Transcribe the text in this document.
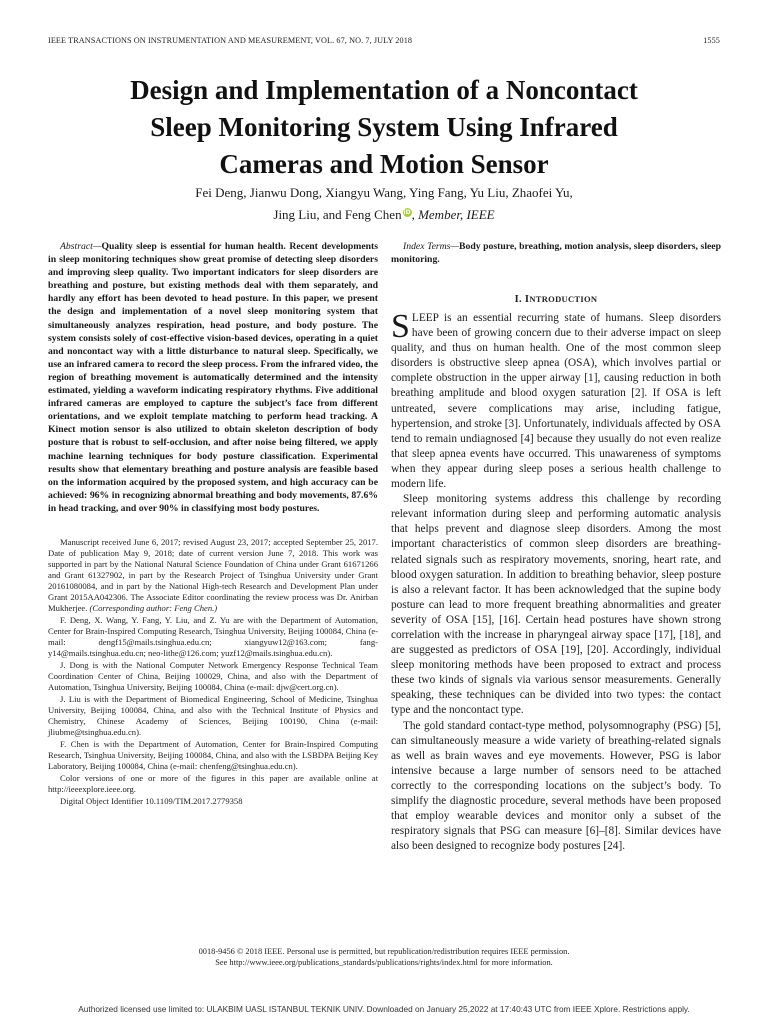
IEEE TRANSACTIONS ON INSTRUMENTATION AND MEASUREMENT, VOL. 67, NO. 7, JULY 2018	1555
Design and Implementation of a Noncontact
Sleep Monitoring System Using Infrared
Cameras and Motion Sensor
Fei Deng, Jianwu Dong, Xiangyu Wang, Ying Fang, Yu Liu, Zhaofei Yu,
Jing Liu, and Feng Chen iD, Member, IEEE

Abstract—Quality sleep is essential for human health. Recent developments in sleep monitoring techniques show great promise of detecting sleep disorders and improving sleep quality. Two important indicators for sleep disorders are breathing and posture, but existing methods deal with them separately, and hardly any effort has been devoted to head posture. In this paper, we present the design and implementation of a novel sleep monitoring system that simultaneously analyzes respiration, head posture, and body posture. The system consists solely of cost-effective vision-based devices, operating in a quiet and noncontact way with a little disturbance to natural sleep. Specifically, we use an infrared camera to record the sleep process. From the infrared video, the region of breathing movement is automatically determined and the intensity estimated, yielding a waveform indicating respiratory rhythms. Five additional infrared cameras are employed to capture the subject’s face from different orientations, and we exploit template matching to perform head tracking. A Kinect motion sensor is also utilized to obtain skeleton description of body posture that is robust to self-occlusion, and after noise being filtered, we apply machine learning techniques for body posture classification. Experimental results show that elementary breathing and posture analysis are feasible based on the information acquired by the proposed system, and high accuracy can be achieved: 96% in recognizing abnormal breathing and body movements, 87.6% in head tracking, and over 90% in classifying most body postures.

Manuscript received June 6, 2017; revised August 23, 2017; accepted September 25, 2017. Date of publication May 9, 2018; date of current version June 7, 2018. This work was supported in part by the National Natural Science Foundation of China under Grant 61671266 and Grant 61327902, in part by the Research Project of Tsinghua University under Grant 20161080084, and in part by the National High-tech Research and Development Plan under Grant 2015AA042306. The Associate Editor coordinating the review process was Dr. Anirban Mukherjee. (Corresponding author: Feng Chen.)

F. Deng, X. Wang, Y. Fang, Y. Liu, and Z. Yu are with the Department of Automation, Center for Brain-Inspired Computing Research, Tsinghua University, Beijing 100084, China (e-mail: dengf15@mails.tsinghua.edu.cn; xiangyuw12@163.com; fang-y14@mails.tsinghua.edu.cn; neo-lithe@126.com; yuzf12@mails.tsinghua.edu.cn).

J. Dong is with the National Computer Network Emergency Response Technical Team Coordination Center of China, Beijing 100029, China, and also with the Department of Automation, Tsinghua University, Beijing 100084, China (e-mail: djw@cert.org.cn).

J. Liu is with the Department of Biomedical Engineering, School of Medicine, Tsinghua University, Beijing 100084, China, and also with the Technical Institute of Physics and Chemistry, Chinese Academy of Sciences, Beijing 100190, China (e-mail: jliubme@tsinghua.edu.cn).

F. Chen is with the Department of Automation, Center for Brain-Inspired Computing Research, Tsinghua University, Beijing 100084, China, and also with the LSBDPA Beijing Key Laboratory, Beijing 100084, China (e-mail: chenfeng@tsinghua.edu.cn).

Color versions of one or more of the figures in this paper are available online at http://ieeexplore.ieee.org.

Digital Object Identifier 10.1109/TIM.2017.2779358

Index Terms—Body posture, breathing, motion analysis, sleep disorders, sleep monitoring.

I. INTRODUCTION

SLEEP is an essential recurring state of humans. Sleep disorders have been of growing concern due to their adverse impact on sleep quality, and thus on human health. One of the most common sleep disorders is obstructive sleep apnea (OSA), which involves partial or complete obstruction in the upper airway [1], causing reduction in both breathing amplitude and blood oxygen saturation [2]. If OSA is left untreated, severe complications may arise, including fatigue, hypertension, and stroke [3]. Unfortunately, individuals affected by OSA tend to remain undiagnosed [4] because they usually do not even realize that sleep apnea events have occurred. This unawareness of symptoms when they appear during sleep poses a serious health challenge to modern life.

Sleep monitoring systems address this challenge by recording relevant information during sleep and performing automatic analysis that helps prevent and diagnose sleep disorders. Among the most important characteristics of common sleep disorders are breathing-related signals such as respiratory movements, snoring, heart rate, and blood oxygen saturation. In addition to breathing behavior, sleep posture is also a relevant factor. It has been acknowledged that the supine body posture can lead to more frequent breathing abnormalities and greater severity of OSA [15], [16]. Certain head postures have shown strong correlation with the increase in pharyngeal airway space [17], [18], and are suggested as predictors of OSA [19], [20]. Accordingly, individual sleep monitoring methods have been proposed to extract and process these two kinds of signals via various sensor measurements. Generally speaking, these techniques can be divided into two types: the contact type and the noncontact type.

The gold standard contact-type method, polysomnography (PSG) [5], can simultaneously measure a wide variety of breathing-related signals as well as brain waves and eye movements. However, PSG is labor intensive because a large number of sensors need to be attached correctly to the corresponding locations on the subject’s body. To simplify the diagnostic procedure, several methods have been proposed that employ wearable devices and monitor only a subset of the respiratory signals that PSG can measure [6]–[8]. Similar devices have also been designed to recognize body postures [24].

0018-9456 © 2018 IEEE. Personal use is permitted, but republication/redistribution requires IEEE permission.
See http://www.ieee.org/publications_standards/publications/rights/index.html for more information.
Authorized licensed use limited to: ULAKBIM UASL ISTANBUL TEKNIK UNIV. Downloaded on January 25,2022 at 17:40:43 UTC from IEEE Xplore. Restrictions apply.
